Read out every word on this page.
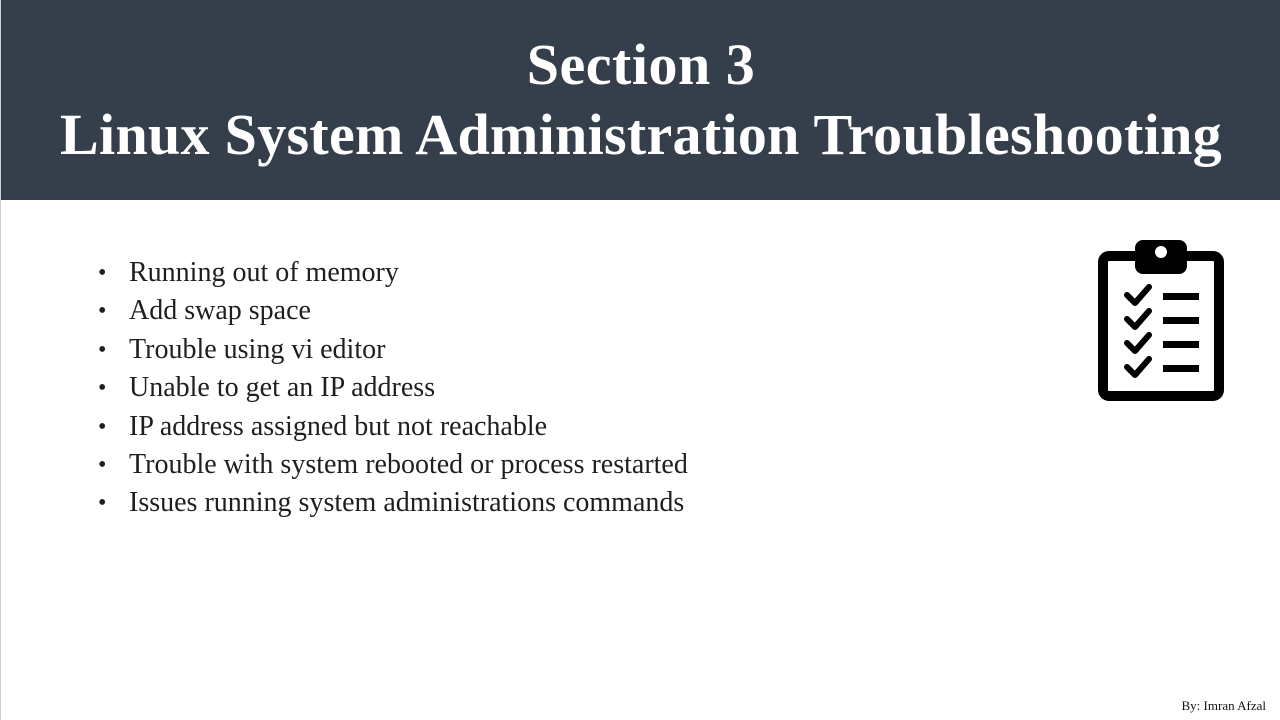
Section 3
Linux System Administration Troubleshooting
• Running out of memory
• Add swap space
• Trouble using vi editor
• Unable to get an IP address
• IP address assigned but not reachable
• Trouble with system rebooted or process restarted
• Issues running system administrations commands
By: Imran Afzal
